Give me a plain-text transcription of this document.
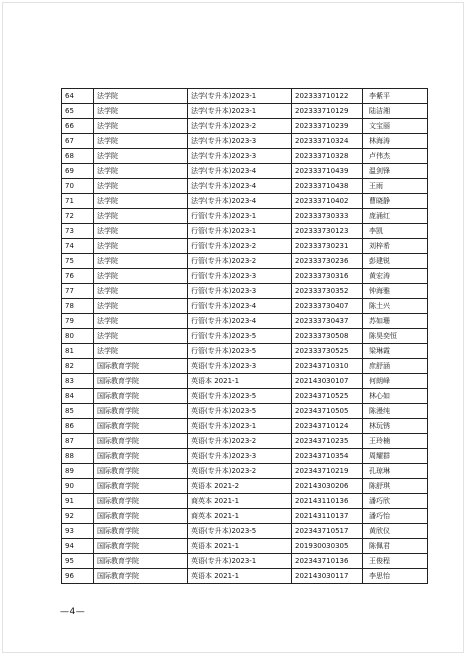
64	法学院	法学(专升本)2023-1	202333710122	李紫平
65	法学院	法学(专升本)2023-1	202333710129	陆洁湘
66	法学院	法学(专升本)2023-2	202333710239	文宝丽
67	法学院	法学(专升本)2023-3	202333710324	林海涛
68	法学院	法学(专升本)2023-3	202333710328	卢伟杰
69	法学院	法学(专升本)2023-4	202333710439	温剑锋
70	法学院	法学(专升本)2023-4	202333710438	王雨
71	法学院	法学(专升本)2023-4	202333710402	曹晓静
72	法学院	行管(专升本)2023-1	202333730333	庞涌红
73	法学院	行管(专升本)2023-1	202333730123	李凯
74	法学院	行管(专升本)2023-2	202333730231	刘梓希
75	法学院	行管(专升本)2023-2	202333730236	彭建锐
76	法学院	行管(专升本)2023-3	202333730316	黄宏涛
77	法学院	行管(专升本)2023-3	202333730352	钟海雅
78	法学院	行管(专升本)2023-4	202333730407	陈土兴
79	法学院	行管(专升本)2023-4	202333730437	苏如珊
80	法学院	行管(专升本)2023-5	202333730508	陈昊奕恒
81	法学院	行管(专升本)2023-5	202333730525	梁琳霞
82	国际教育学院	英语(专升本)2023-3	202343710310	庶舒涵
83	国际教育学院	英语本 2021-1	202143030107	何朗峰
84	国际教育学院	英语(专升本)2023-5	202343710525	林心如
85	国际教育学院	英语(专升本)2023-5	202343710505	陈漫纯
86	国际教育学院	英语(专升本)2023-1	202343710124	林玩锈
87	国际教育学院	英语(专升本)2023-2	202343710235	王玲楠
88	国际教育学院	英语(专升本)2023-3	202343710354	周耀群
89	国际教育学院	英语(专升本)2023-2	202343710219	孔琼琳
90	国际教育学院	英语本 2021-2	202143030206	陈舒琪
91	国际教育学院	商英本 2021-1	202143110136	潘巧欣
92	国际教育学院	商英本 2021-1	202143110137	潘巧怡
93	国际教育学院	英语(专升本)2023-5	202343710517	黄欣仪
94	国际教育学院	英语本 2021-1	201930030305	陈佩君
95	国际教育学院	英语(专升本)2023-1	202343710136	王俊程
96	国际教育学院	英语本 2021-1	202143030117	李思怡
—4—
